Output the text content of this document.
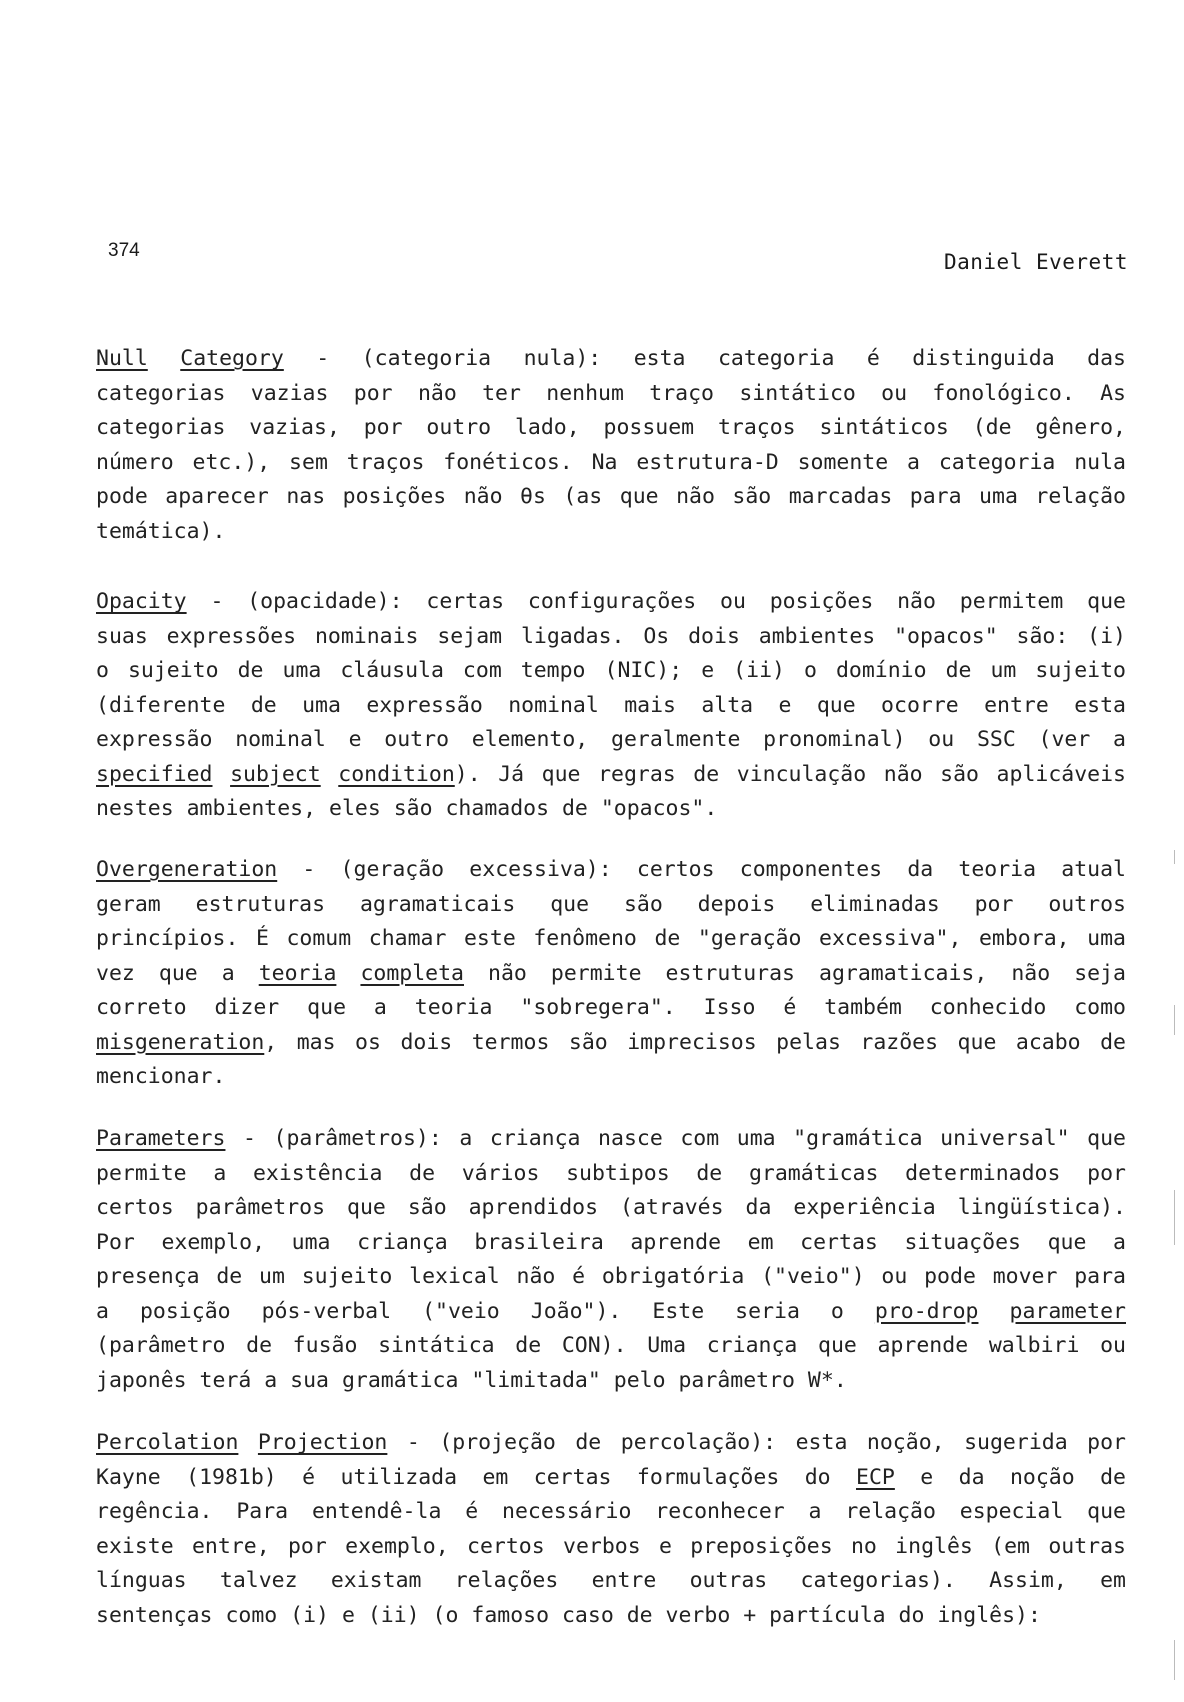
374	Daniel Everett
Null Category - (categoria nula): esta categoria é distinguida das
categorias vazias por não ter nenhum traço sintático ou fonológico. As
categorias vazias, por outro lado, possuem traços sintáticos (de gênero,
número etc.), sem traços fonéticos. Na estrutura-D somente a categoria nula
pode aparecer nas posições não θs (as que não são marcadas para uma relação
temática).
Opacity - (opacidade): certas configurações ou posições não permitem que
suas expressões nominais sejam ligadas. Os dois ambientes "opacos" são: (i)
o sujeito de uma cláusula com tempo (NIC); e (ii) o domínio de um sujeito
(diferente de uma expressão nominal mais alta e que ocorre entre esta
expressão nominal e outro elemento, geralmente pronominal) ou SSC (ver a
specified subject condition). Já que regras de vinculação não são aplicáveis
nestes ambientes, eles são chamados de "opacos".
Overgeneration - (geração excessiva): certos componentes da teoria atual
geram estruturas agramaticais que são depois eliminadas por outros
princípios. É comum chamar este fenômeno de "geração excessiva", embora, uma
vez que a teoria completa não permite estruturas agramaticais, não seja
correto dizer que a teoria "sobregera". Isso é também conhecido como
misgeneration, mas os dois termos são imprecisos pelas razões que acabo de
mencionar.
Parameters - (parâmetros): a criança nasce com uma "gramática universal" que
permite a existência de vários subtipos de gramáticas determinados por
certos parâmetros que são aprendidos (através da experiência lingüística).
Por exemplo, uma criança brasileira aprende em certas situações que a
presença de um sujeito lexical não é obrigatória ("veio") ou pode mover para
a posição pós-verbal ("veio João"). Este seria o pro-drop parameter
(parâmetro de fusão sintática de CON). Uma criança que aprende walbiri ou
japonês terá a sua gramática "limitada" pelo parâmetro W*.
Percolation Projection - (projeção de percolação): esta noção, sugerida por
Kayne (1981b) é utilizada em certas formulações do ECP e da noção de
regência. Para entendê-la é necessário reconhecer a relação especial que
existe entre, por exemplo, certos verbos e preposições no inglês (em outras
línguas talvez existam relações entre outras categorias). Assim, em
sentenças como (i) e (ii) (o famoso caso de verbo + partícula do inglês):
